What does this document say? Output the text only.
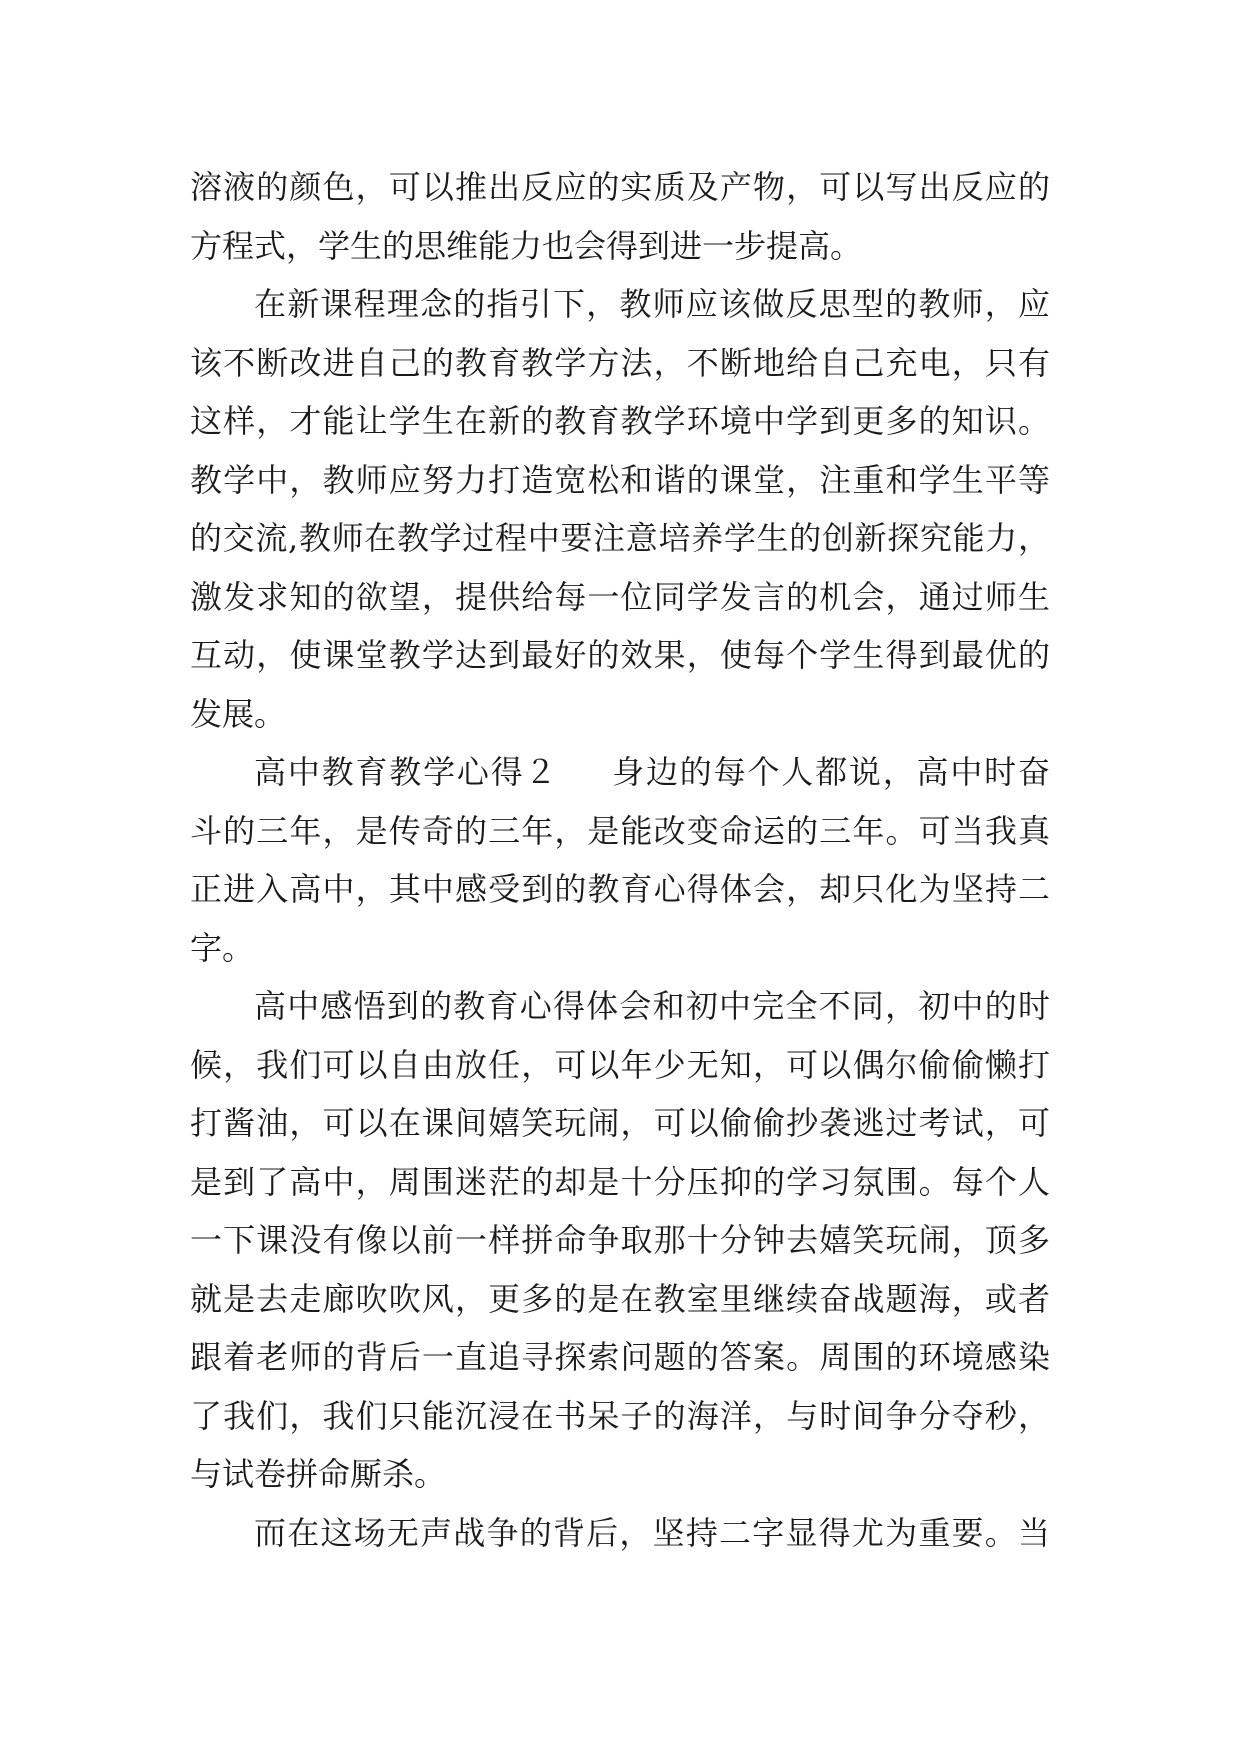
溶液的颜色，可以推出反应的实质及产物，可以写出反应的
方程式，学生的思维能力也会得到进一步提高。
在新课程理念的指引下，教师应该做反思型的教师，应
该不断改进自己的教育教学方法，不断地给自己充电，只有
这样，才能让学生在新的教育教学环境中学到更多的知识。
教学中，教师应努力打造宽松和谐的课堂，注重和学生平等
的交流,教师在教学过程中要注意培养学生的创新探究能力，
激发求知的欲望，提供给每一位同学发言的机会，通过师生
互动，使课堂教学达到最好的效果，使每个学生得到最优的
发展。
高中教育教学心得２ 身边的每个人都说，高中时奋
斗的三年，是传奇的三年，是能改变命运的三年。可当我真
正进入高中，其中感受到的教育心得体会，却只化为坚持二
字。
高中感悟到的教育心得体会和初中完全不同，初中的时
候，我们可以自由放任，可以年少无知，可以偶尔偷偷懒打
打酱油，可以在课间嬉笑玩闹，可以偷偷抄袭逃过考试，可
是到了高中，周围迷茫的却是十分压抑的学习氛围。每个人
一下课没有像以前一样拼命争取那十分钟去嬉笑玩闹，顶多
就是去走廊吹吹风，更多的是在教室里继续奋战题海，或者
跟着老师的背后一直追寻探索问题的答案。周围的环境感染
了我们，我们只能沉浸在书呆子的海洋，与时间争分夺秒，
与试卷拼命厮杀。
而在这场无声战争的背后，坚持二字显得尤为重要。当
